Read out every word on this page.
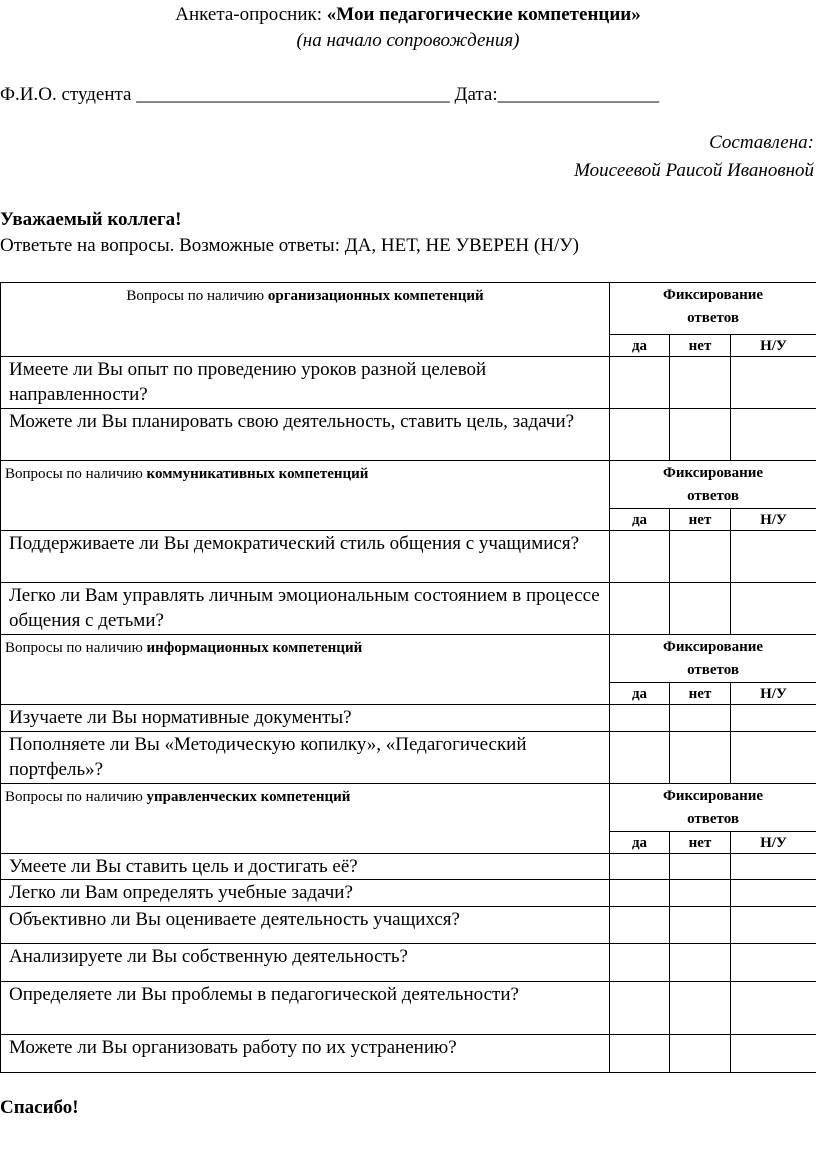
Анкета-опросник: «Мои педагогические компетенции»
(на начало сопровождения)
Ф.И.О. студента _________________________________ Дата:_________________
Составлена:
Моисеевой Раисой Ивановной
Уважаемый коллега!
Ответьте на вопросы. Возможные ответы: ДА, НЕТ, НЕ УВЕРЕН (Н/У)
Вопросы по наличию организационных компетенций	Фиксирование
ответов		

	да	нет	Н/У
Имеете ли Вы опыт по проведению уроков разной целевой направленности?			
Можете ли Вы планировать свою деятельность, ставить цель, задачи?			
Вопросы по наличию коммуникативных компетенций	Фиксирование
ответов		

	да	нет	Н/У
Поддерживаете ли Вы демократический стиль общения с учащимися?			
Легко ли Вам управлять личным эмоциональным состоянием в процессе общения с детьми?			
Вопросы по наличию информационных компетенций	Фиксирование
ответов		

	да	нет	Н/У
Изучаете ли Вы нормативные документы?			
Пополняете ли Вы «Методическую копилку», «Педагогический портфель»?			
Вопросы по наличию управленческих компетенций	Фиксирование
ответов		

	да	нет	Н/У
Умеете ли Вы ставить цель и достигать её?			
Легко ли Вам определять учебные задачи?			
Объективно ли Вы оцениваете деятельность учащихся?			
Анализируете ли Вы собственную деятельность?			
Определяете ли Вы проблемы в педагогической деятельности?			
Можете ли Вы организовать работу по их устранению?			
Спасибо!
